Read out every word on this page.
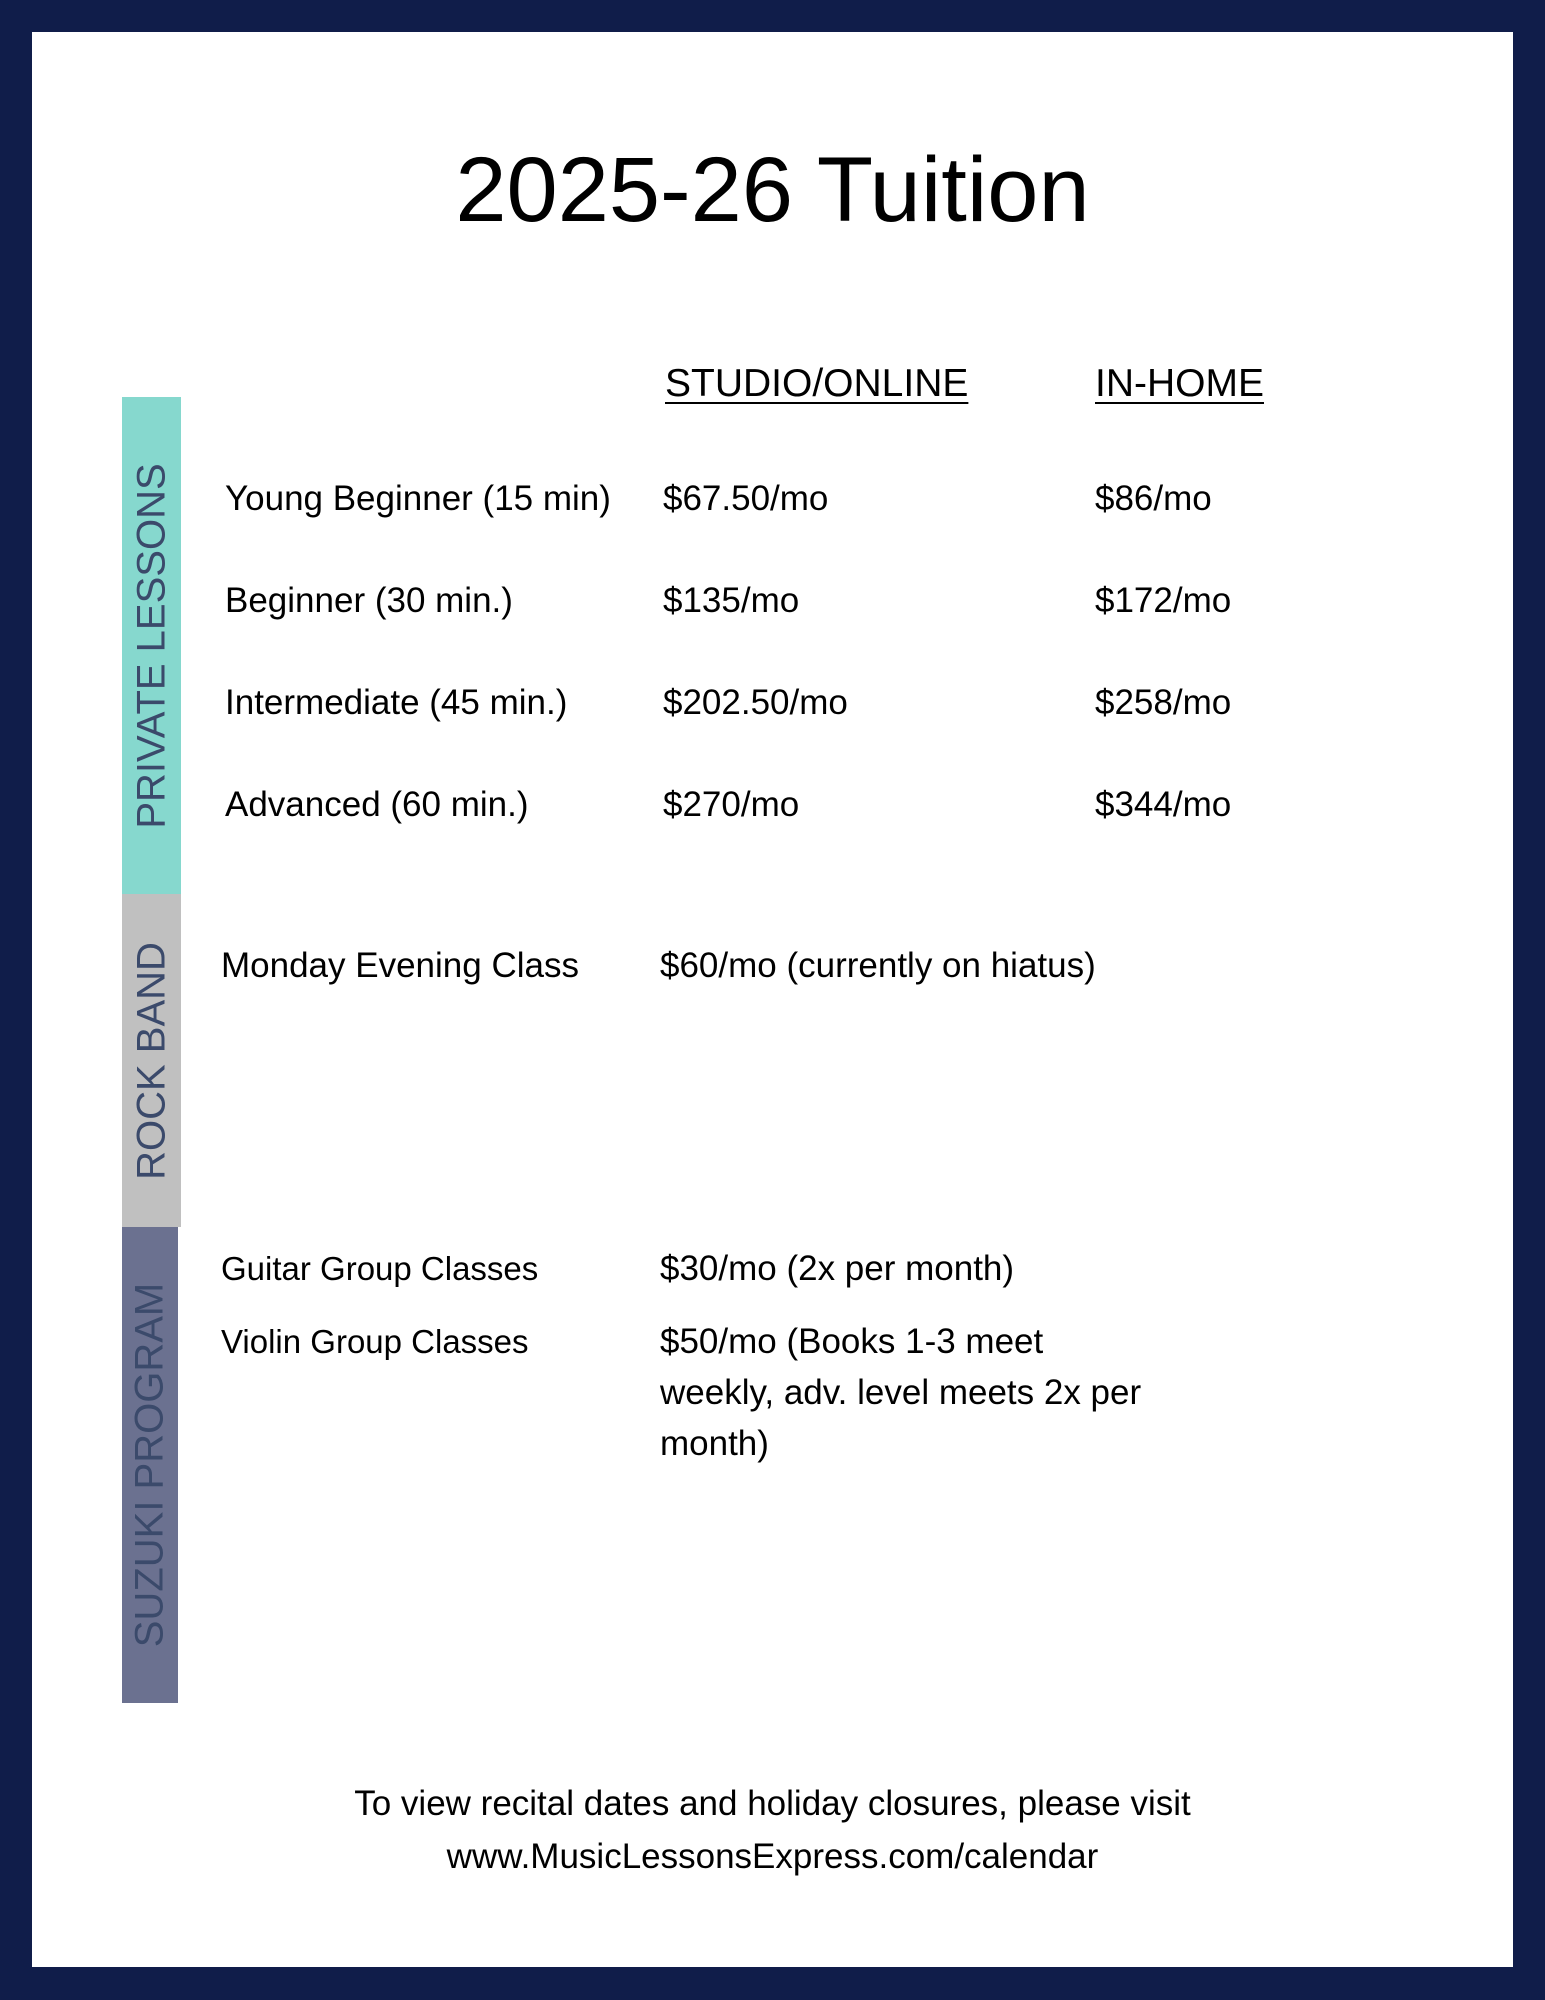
2025-26 Tuition
STUDIO/ONLINE	IN-HOME
PRIVATE LESSONS
ROCK BAND
SUZUKI PROGRAM
Young Beginner (15 min) $67.50/mo	$86/mo
Beginner (30 min.)	$135/mo	$172/mo
Intermediate (45 min.)	$202.50/mo	$258/mo
Advanced (60 min.)	$270/mo	$344/mo
Monday Evening Class $60/mo (currently on hiatus)
Guitar Group Classes	$30/mo (2x per month)
Violin Group Classes	$50/mo (Books 1-3 meet
weekly, adv. level meets 2x per
month)
To view recital dates and holiday closures, please visit
www.MusicLessonsExpress.com/calendar
